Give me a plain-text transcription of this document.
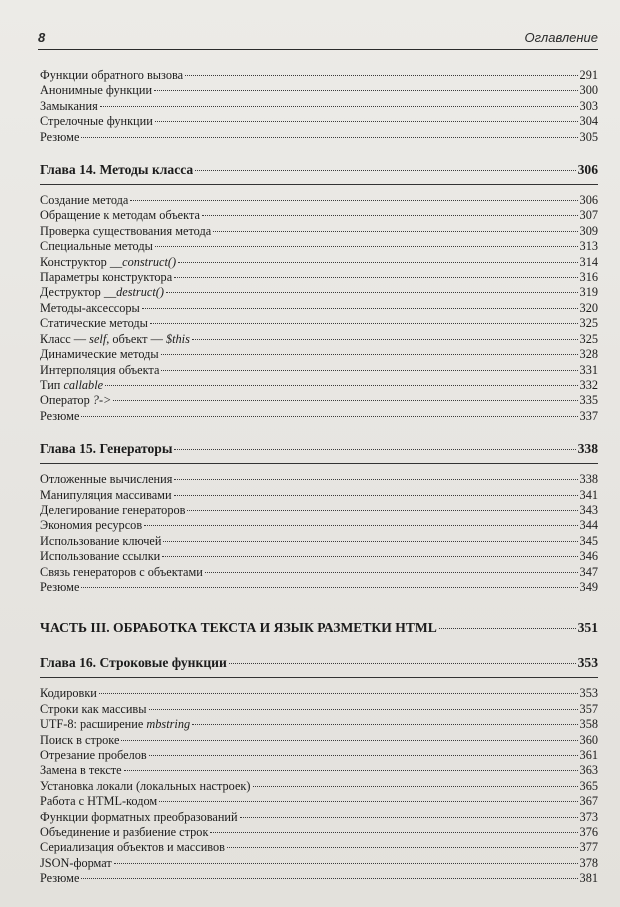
8	Оглавление
Функции обратного вызова	291
Анонимные функции	300
Замыкания	303
Стрелочные функции	304
Резюме	305
Глава 14. Методы класса	306
Создание метода	306
Обращение к методам объекта	307
Проверка существования метода	309
Специальные методы	313
Конструктор __construct()	314
Параметры конструктора	316
Деструктор __destruct()	319
Методы-аксессоры	320
Статические методы	325
Класс — self, объект — $this	325
Динамические методы	328
Интерполяция объекта	331
Тип callable	332
Оператор ?->	335
Резюме	337
Глава 15. Генераторы	338
Отложенные вычисления	338
Манипуляция массивами	341
Делегирование генераторов	343
Экономия ресурсов	344
Использование ключей	345
Использование ссылки	346
Связь генераторов с объектами	347
Резюме	349
ЧАСТЬ III. ОБРАБОТКА ТЕКСТА И ЯЗЫК РАЗМЕТКИ HTML	351
Глава 16. Строковые функции	353
Кодировки	353
Строки как массивы	357
UTF-8: расширение mbstring	358
Поиск в строке	360
Отрезание пробелов	361
Замена в тексте	363
Установка локали (локальных настроек)	365
Работа с HTML-кодом	367
Функции форматных преобразований	373
Объединение и разбиение строк	376
Сериализация объектов и массивов	377
JSON-формат	378
Резюме	381
